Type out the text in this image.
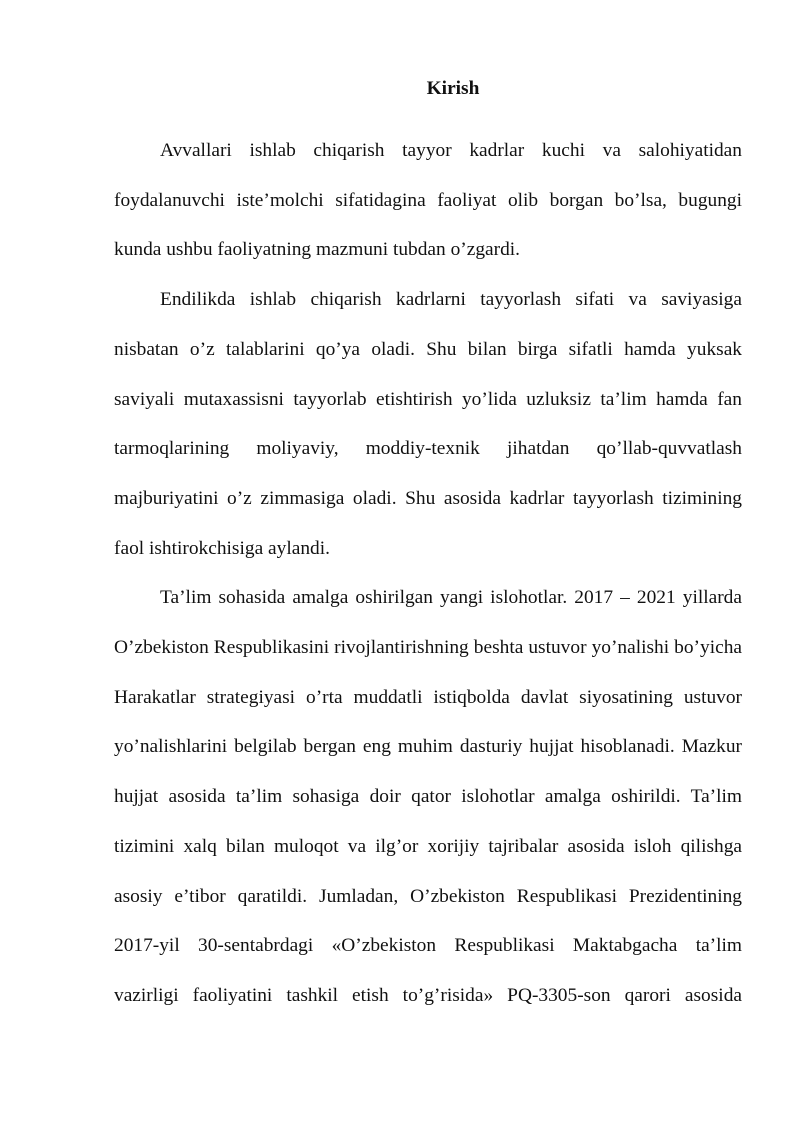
Kirish

Avvallari ishlab chiqarish tayyor kadrlar kuchi va salohiyatidan foydalanuvchi iste’molchi sifatidagina faoliyat olib borgan bo’lsa, bugungi kunda ushbu faoliyatning mazmuni tubdan o’zgardi.

Endilikda ishlab chiqarish kadrlarni tayyorlash sifati va saviyasiga nisbatan o’z talablarini qo’ya oladi. Shu bilan birga sifatli hamda yuksak saviyali mutaxassisni tayyorlab etishtirish yo’lida uzluksiz ta’lim hamda fan tarmoqlarining moliyaviy, moddiy-texnik jihatdan qo’llab-quvvatlash majburiyatini o’z zimmasiga oladi. Shu asosida kadrlar tayyorlash tizimining faol ishtirokchisiga aylandi.

Ta’lim sohasida amalga oshirilgan yangi islohotlar. 2017 – 2021 yillarda O’zbekiston Respublikasini rivojlantirishning beshta ustuvor yo’nalishi bo’yicha Harakatlar strategiyasi o’rta muddatli istiqbolda davlat siyosatining ustuvor yo’nalishlarini belgilab bergan eng muhim dasturiy hujjat hisoblanadi. Mazkur hujjat asosida ta’lim sohasiga doir qator islohotlar amalga oshirildi. Ta’lim tizimini xalq bilan muloqot va ilg’or xorijiy tajribalar asosida isloh qilishga asosiy e’tibor qaratildi. Jumladan, O’zbekiston Respublikasi Prezidentining 2017-yil 30-sentabrdagi «O’zbekiston Respublikasi Maktabgacha ta’lim vazirligi faoliyatini tashkil etish to’g’risida» PQ-3305-son qarori asosida
